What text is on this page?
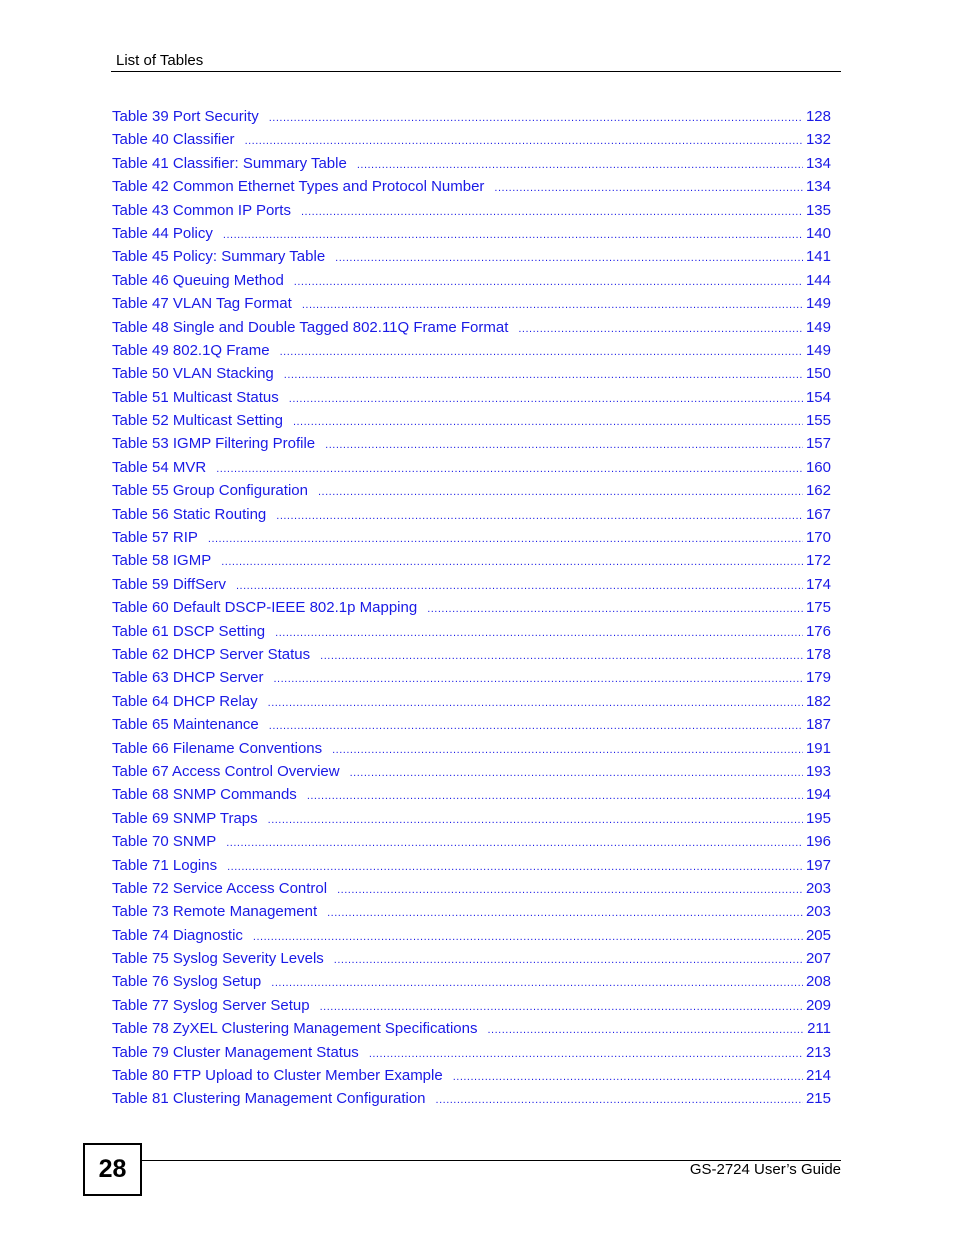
List of Tables
Table 39 Port Security .....	128
Table 40 Classifier .....	132
Table 41 Classifier: Summary Table .....	134
Table 42 Common Ethernet Types and Protocol Number .....	134
Table 43 Common IP Ports .....	135
Table 44 Policy .....	140
Table 45 Policy: Summary Table .....	141
Table 46 Queuing Method .....	144
Table 47 VLAN Tag Format .....	149
Table 48 Single and Double Tagged 802.11Q Frame Format .....	149
Table 49 802.1Q Frame .....	149
Table 50 VLAN Stacking .....	150
Table 51 Multicast Status .....	154
Table 52 Multicast Setting .....	155
Table 53 IGMP Filtering Profile .....	157
Table 54 MVR .....	160
Table 55 Group Configuration .....	162
Table 56 Static Routing .....	167
Table 57 RIP .....	170
Table 58 IGMP .....	172
Table 59 DiffServ .....	174
Table 60 Default DSCP-IEEE 802.1p Mapping .....	175
Table 61 DSCP Setting .....	176
Table 62 DHCP Server Status .....	178
Table 63 DHCP Server .....	179
Table 64 DHCP Relay .....	182
Table 65 Maintenance .....	187
Table 66 Filename Conventions .....	191
Table 67 Access Control Overview .....	193
Table 68 SNMP Commands .....	194
Table 69 SNMP Traps .....	195
Table 70 SNMP .....	196
Table 71 Logins .....	197
Table 72 Service Access Control .....	203
Table 73 Remote Management .....	203
Table 74 Diagnostic .....	205
Table 75 Syslog Severity Levels .....	207
Table 76 Syslog Setup .....	208
Table 77 Syslog Server Setup .....	209
Table 78 ZyXEL Clustering Management Specifications .....	211
Table 79 Cluster Management Status .....	213
Table 80 FTP Upload to Cluster Member Example .....	214
Table 81 Clustering Management Configuration .....	215
28	GS-2724 User’s Guide
